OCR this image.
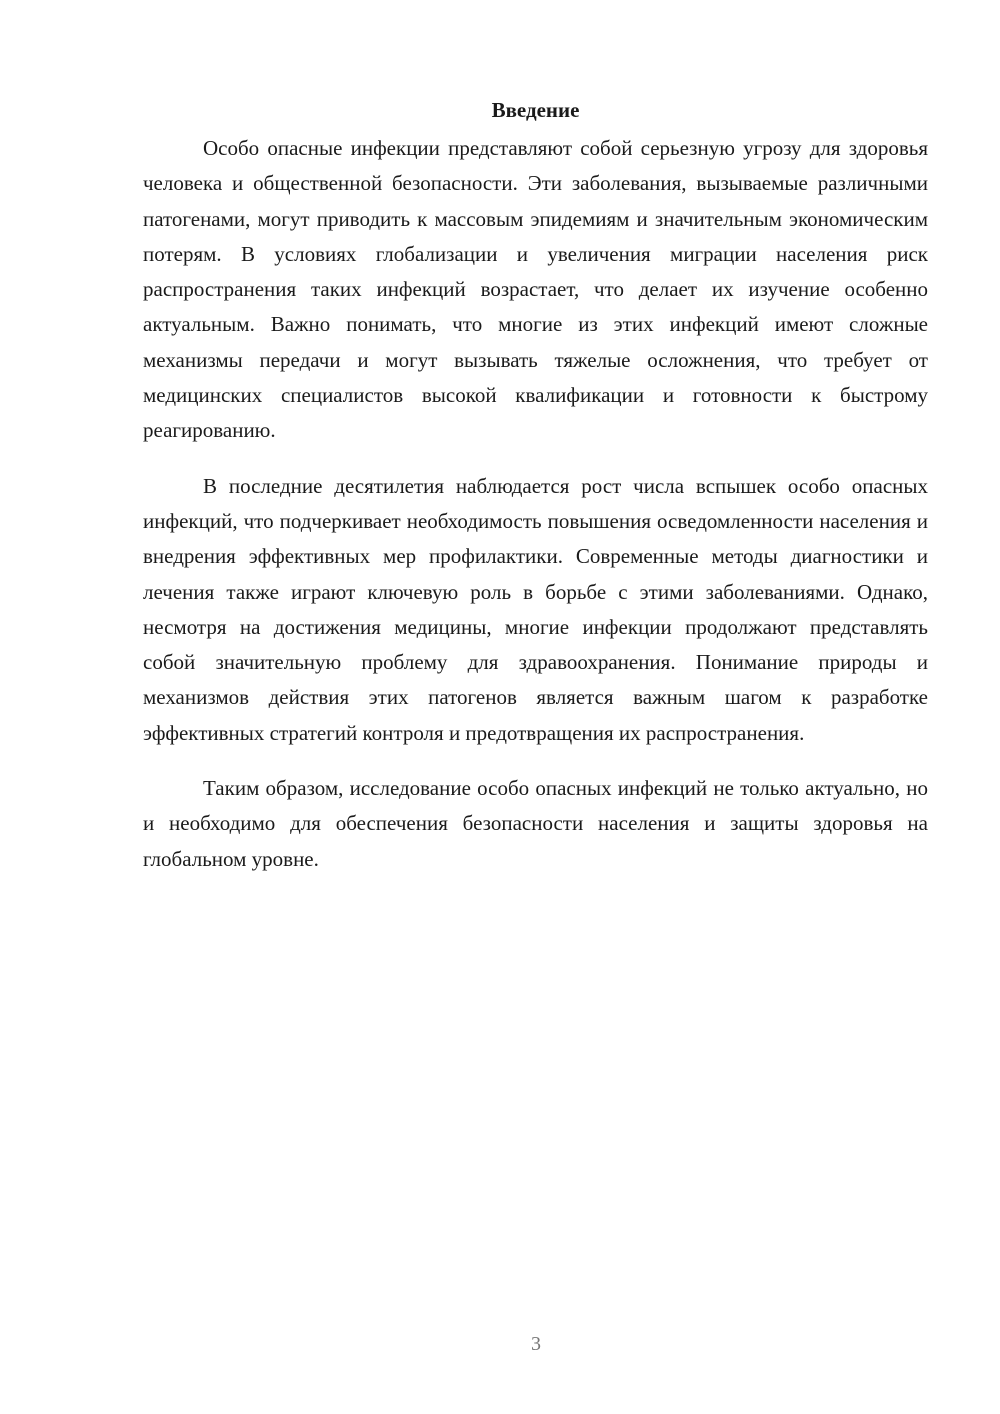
Введение

Особо опасные инфекции представляют собой серьезную угрозу для здоровья человека и общественной безопасности. Эти заболевания, вызываемые различными патогенами, могут приводить к массовым эпидемиям и значительным экономическим потерям. В условиях глобализации и увеличения миграции населения риск распространения таких инфекций возрастает, что делает их изучение особенно актуальным. Важно понимать, что многие из этих инфекций имеют сложные механизмы передачи и могут вызывать тяжелые осложнения, что требует от медицинских специалистов высокой квалификации и готовности к быстрому реагированию.

В последние десятилетия наблюдается рост числа вспышек особо опасных инфекций, что подчеркивает необходимость повышения осведомленности населения и внедрения эффективных мер профилактики. Современные методы диагностики и лечения также играют ключевую роль в борьбе с этими заболеваниями. Однако, несмотря на достижения медицины, многие инфекции продолжают представлять собой значительную проблему для здравоохранения. Понимание природы и механизмов действия этих патогенов является важным шагом к разработке эффективных стратегий контроля и предотвращения их распространения.

Таким образом, исследование особо опасных инфекций не только актуально, но и необходимо для обеспечения безопасности населения и защиты здоровья на глобальном уровне.

3
